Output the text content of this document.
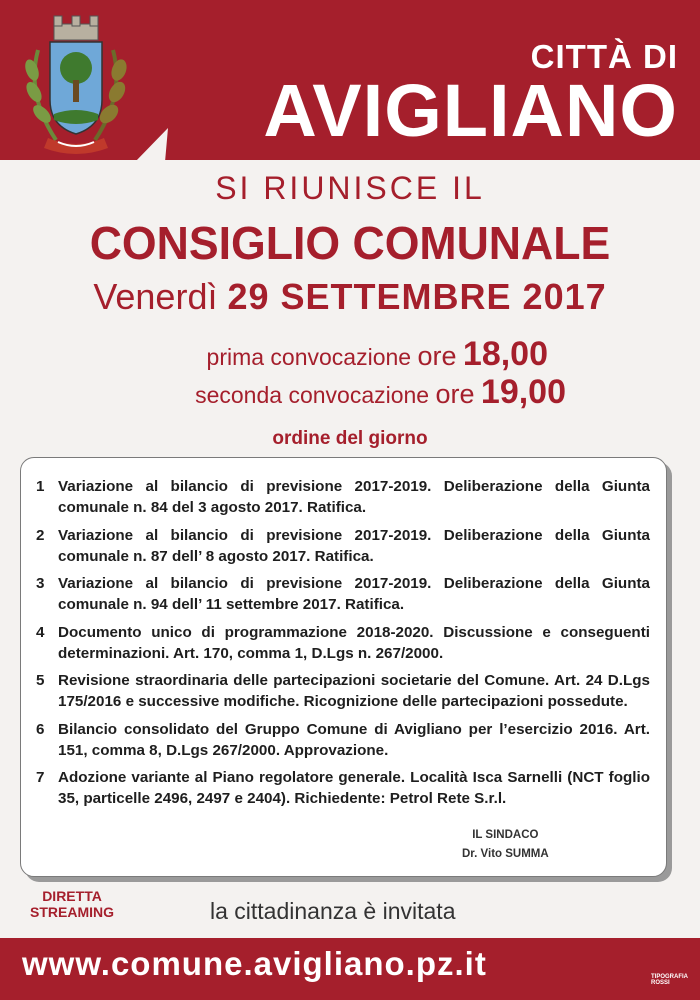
CITTÀ DI
AVIGLIANO
SI RIUNISCE IL
CONSIGLIO COMUNALE
Venerdì 29 SETTEMBRE 2017
prima convocazione ore 18,00
seconda convocazione ore 19,00
ordine del giorno
1 Variazione al bilancio di previsione 2017-2019. Deliberazione della Giunta comunale n. 84 del 3 agosto 2017. Ratifica.
2 Variazione al bilancio di previsione 2017-2019. Deliberazione della Giunta comunale n. 87 dell’ 8 agosto 2017. Ratifica.
3 Variazione al bilancio di previsione 2017-2019. Deliberazione della Giunta comunale n. 94 dell’ 11 settembre 2017. Ratifica.
4 Documento unico di programmazione 2018-2020. Discussione e conseguenti determinazioni. Art. 170, comma 1, D.Lgs n. 267/2000.
5 Revisione straordinaria delle partecipazioni societarie del Comune. Art. 24 D.Lgs 175/2016 e successive modifiche. Ricognizione delle partecipazioni possedute.
6 Bilancio consolidato del Gruppo Comune di Avigliano per l’esercizio 2016. Art. 151, comma 8, D.Lgs 267/2000. Approvazione.
7 Adozione variante al Piano regolatore generale. Località Isca Sarnelli (NCT foglio 35, particelle 2496, 2497 e 2404). Richiedente: Petrol Rete S.r.l.
IL SINDACO
Dr. Vito SUMMA
DIRETTA
STREAMING	la cittadinanza è invitata
www.comune.avigliano.pz.it	TIPOGRAFIA
ROSSI
